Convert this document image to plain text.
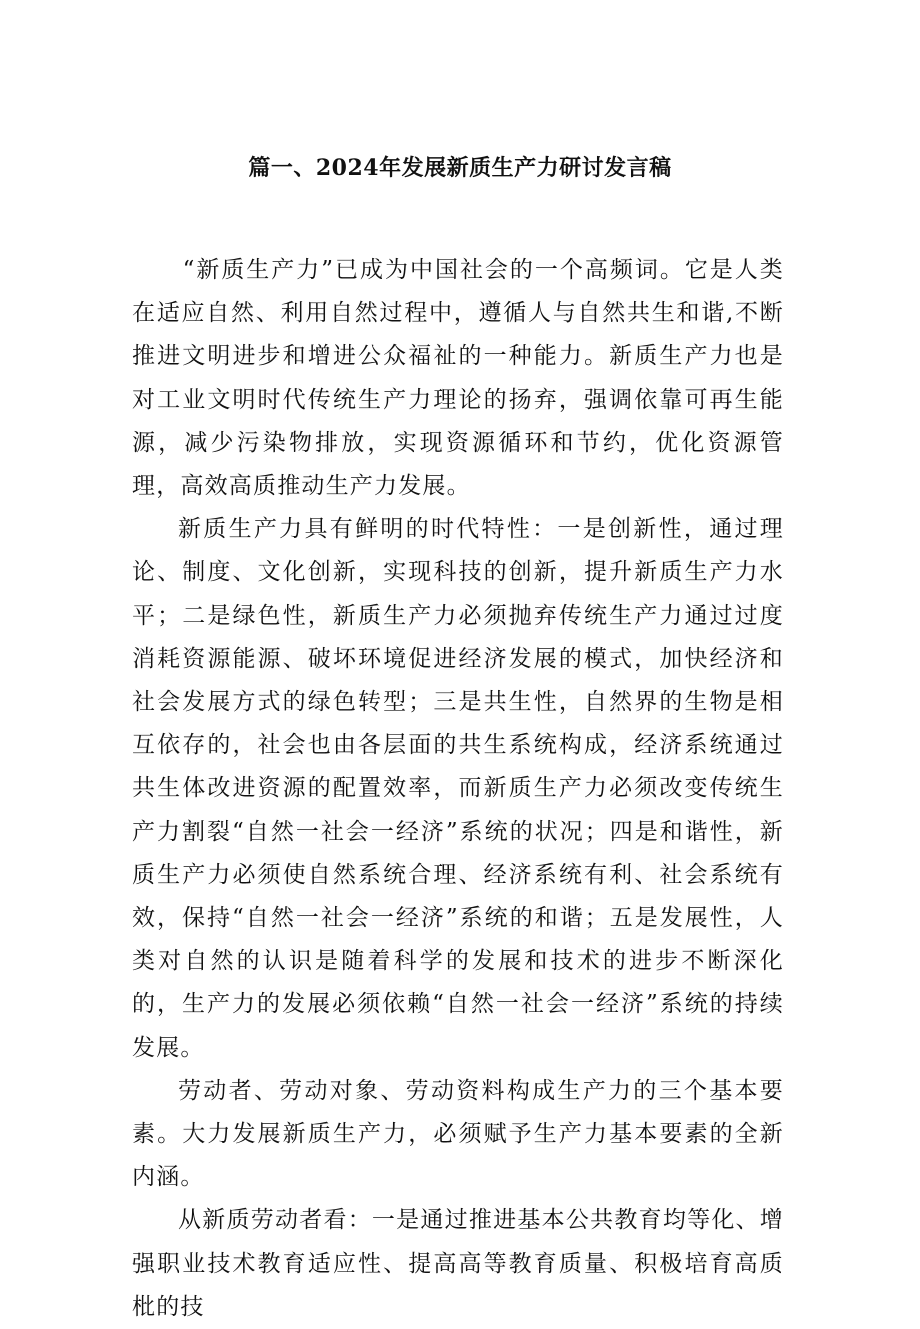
篇一、2024年发展新质生产力研讨发言稿

“新质生产力”已成为中国社会的一个高频词。它是人类在适应自然、利用自然过程中，遵循人与自然共生和谐,不断推进文明进步和增进公众福祉的一种能力。新质生产力也是对工业文明时代传统生产力理论的扬弃，强调依靠可再生能源，减少污染物排放，实现资源循环和节约，优化资源管理，高效高质推动生产力发展。

新质生产力具有鲜明的时代特性：一是创新性，通过理论、制度、文化创新，实现科技的创新，提升新质生产力水平；二是绿色性，新质生产力必须抛弃传统生产力通过过度消耗资源能源、破坏环境促进经济发展的模式，加快经济和社会发展方式的绿色转型；三是共生性，自然界的生物是相互依存的，社会也由各层面的共生系统构成，经济系统通过共生体改进资源的配置效率，而新质生产力必须改变传统生产力割裂“自然一社会一经济”系统的状况；四是和谐性，新质生产力必须使自然系统合理、经济系统有利、社会系统有效，保持“自然一社会一经济”系统的和谐；五是发展性，人类对自然的认识是随着科学的发展和技术的进步不断深化的，生产力的发展必须依赖“自然一社会一经济”系统的持续发展。

劳动者、劳动对象、劳动资料构成生产力的三个基本要素。大力发展新质生产力，必须赋予生产力基本要素的全新内涵。

从新质劳动者看：一是通过推进基本公共教育均等化、增强职业技术教育适应性、提高高等教育质量、积极培育高质枇的技
